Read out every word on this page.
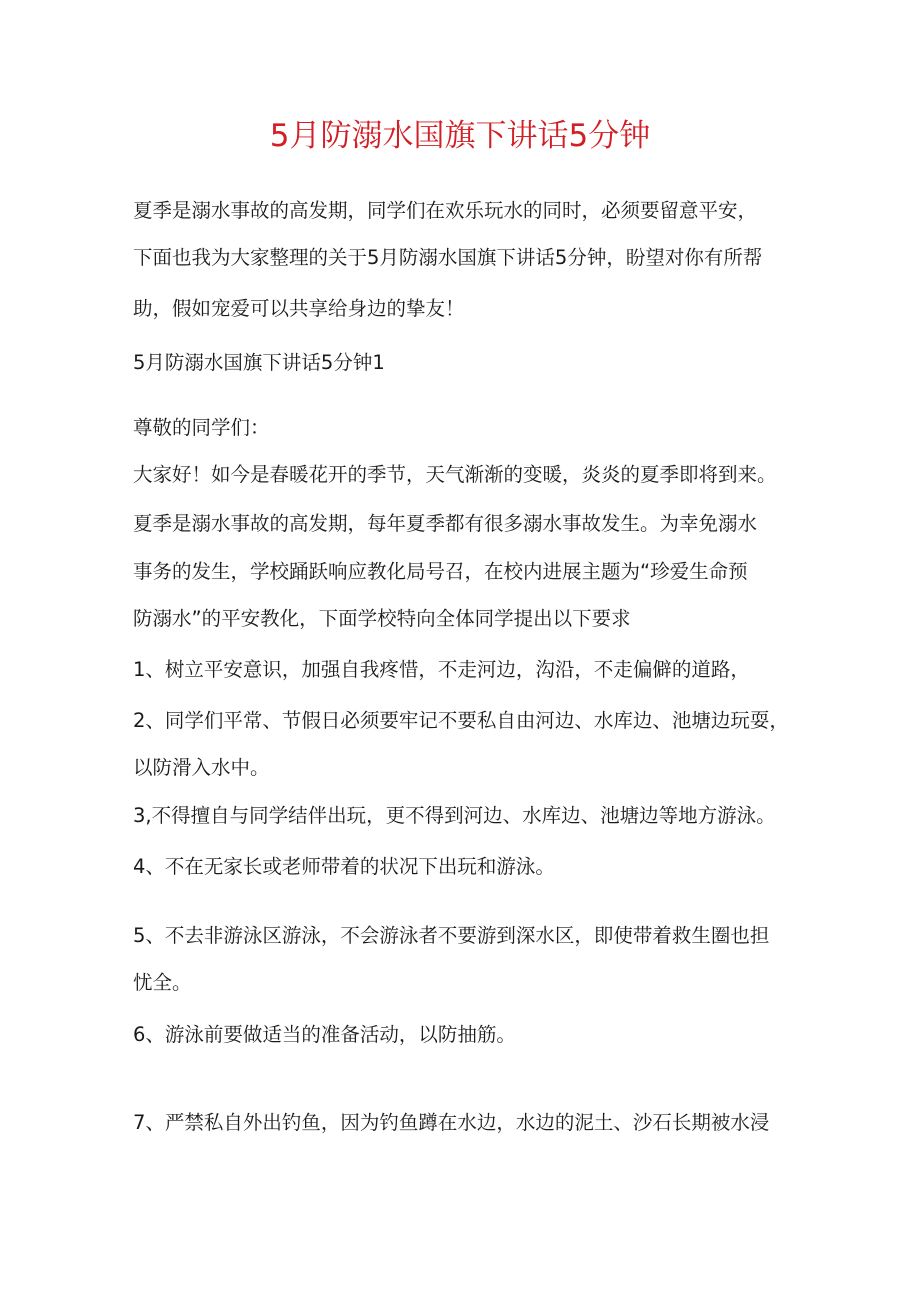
5月防溺水国旗下讲话5分钟
夏季是溺水事故的高发期，同学们在欢乐玩水的同时，必须要留意平安，
下面也我为大家整理的关于5月防溺水国旗下讲话5分钟，盼望对你有所帮
助，假如宠爱可以共享给身边的挚友！
5月防溺水国旗下讲话5分钟1
尊敬的同学们：
大家好！如今是春暖花开的季节，天气渐渐的变暖，炎炎的夏季即将到来。
夏季是溺水事故的高发期，每年夏季都有很多溺水事故发生。为幸免溺水
事务的发生，学校踊跃响应教化局号召，在校内进展主题为“珍爱生命预
防溺水”的平安教化，下面学校特向全体同学提出以下要求
1、树立平安意识，加强自我疼惜，不走河边，沟沿，不走偏僻的道路，
2、同学们平常、节假日必须要牢记不要私自由河边、水库边、池塘边玩耍，
以防滑入水中。
3,不得擅自与同学结伴出玩，更不得到河边、水库边、池塘边等地方游泳。
4、不在无家长或老师带着的状况下出玩和游泳。
5、不去非游泳区游泳，不会游泳者不要游到深水区，即使带着救生圈也担
忧全。
6、游泳前要做适当的准备活动，以防抽筋。
7、严禁私自外出钓鱼，因为钓鱼蹲在水边，水边的泥土、沙石长期被水浸
